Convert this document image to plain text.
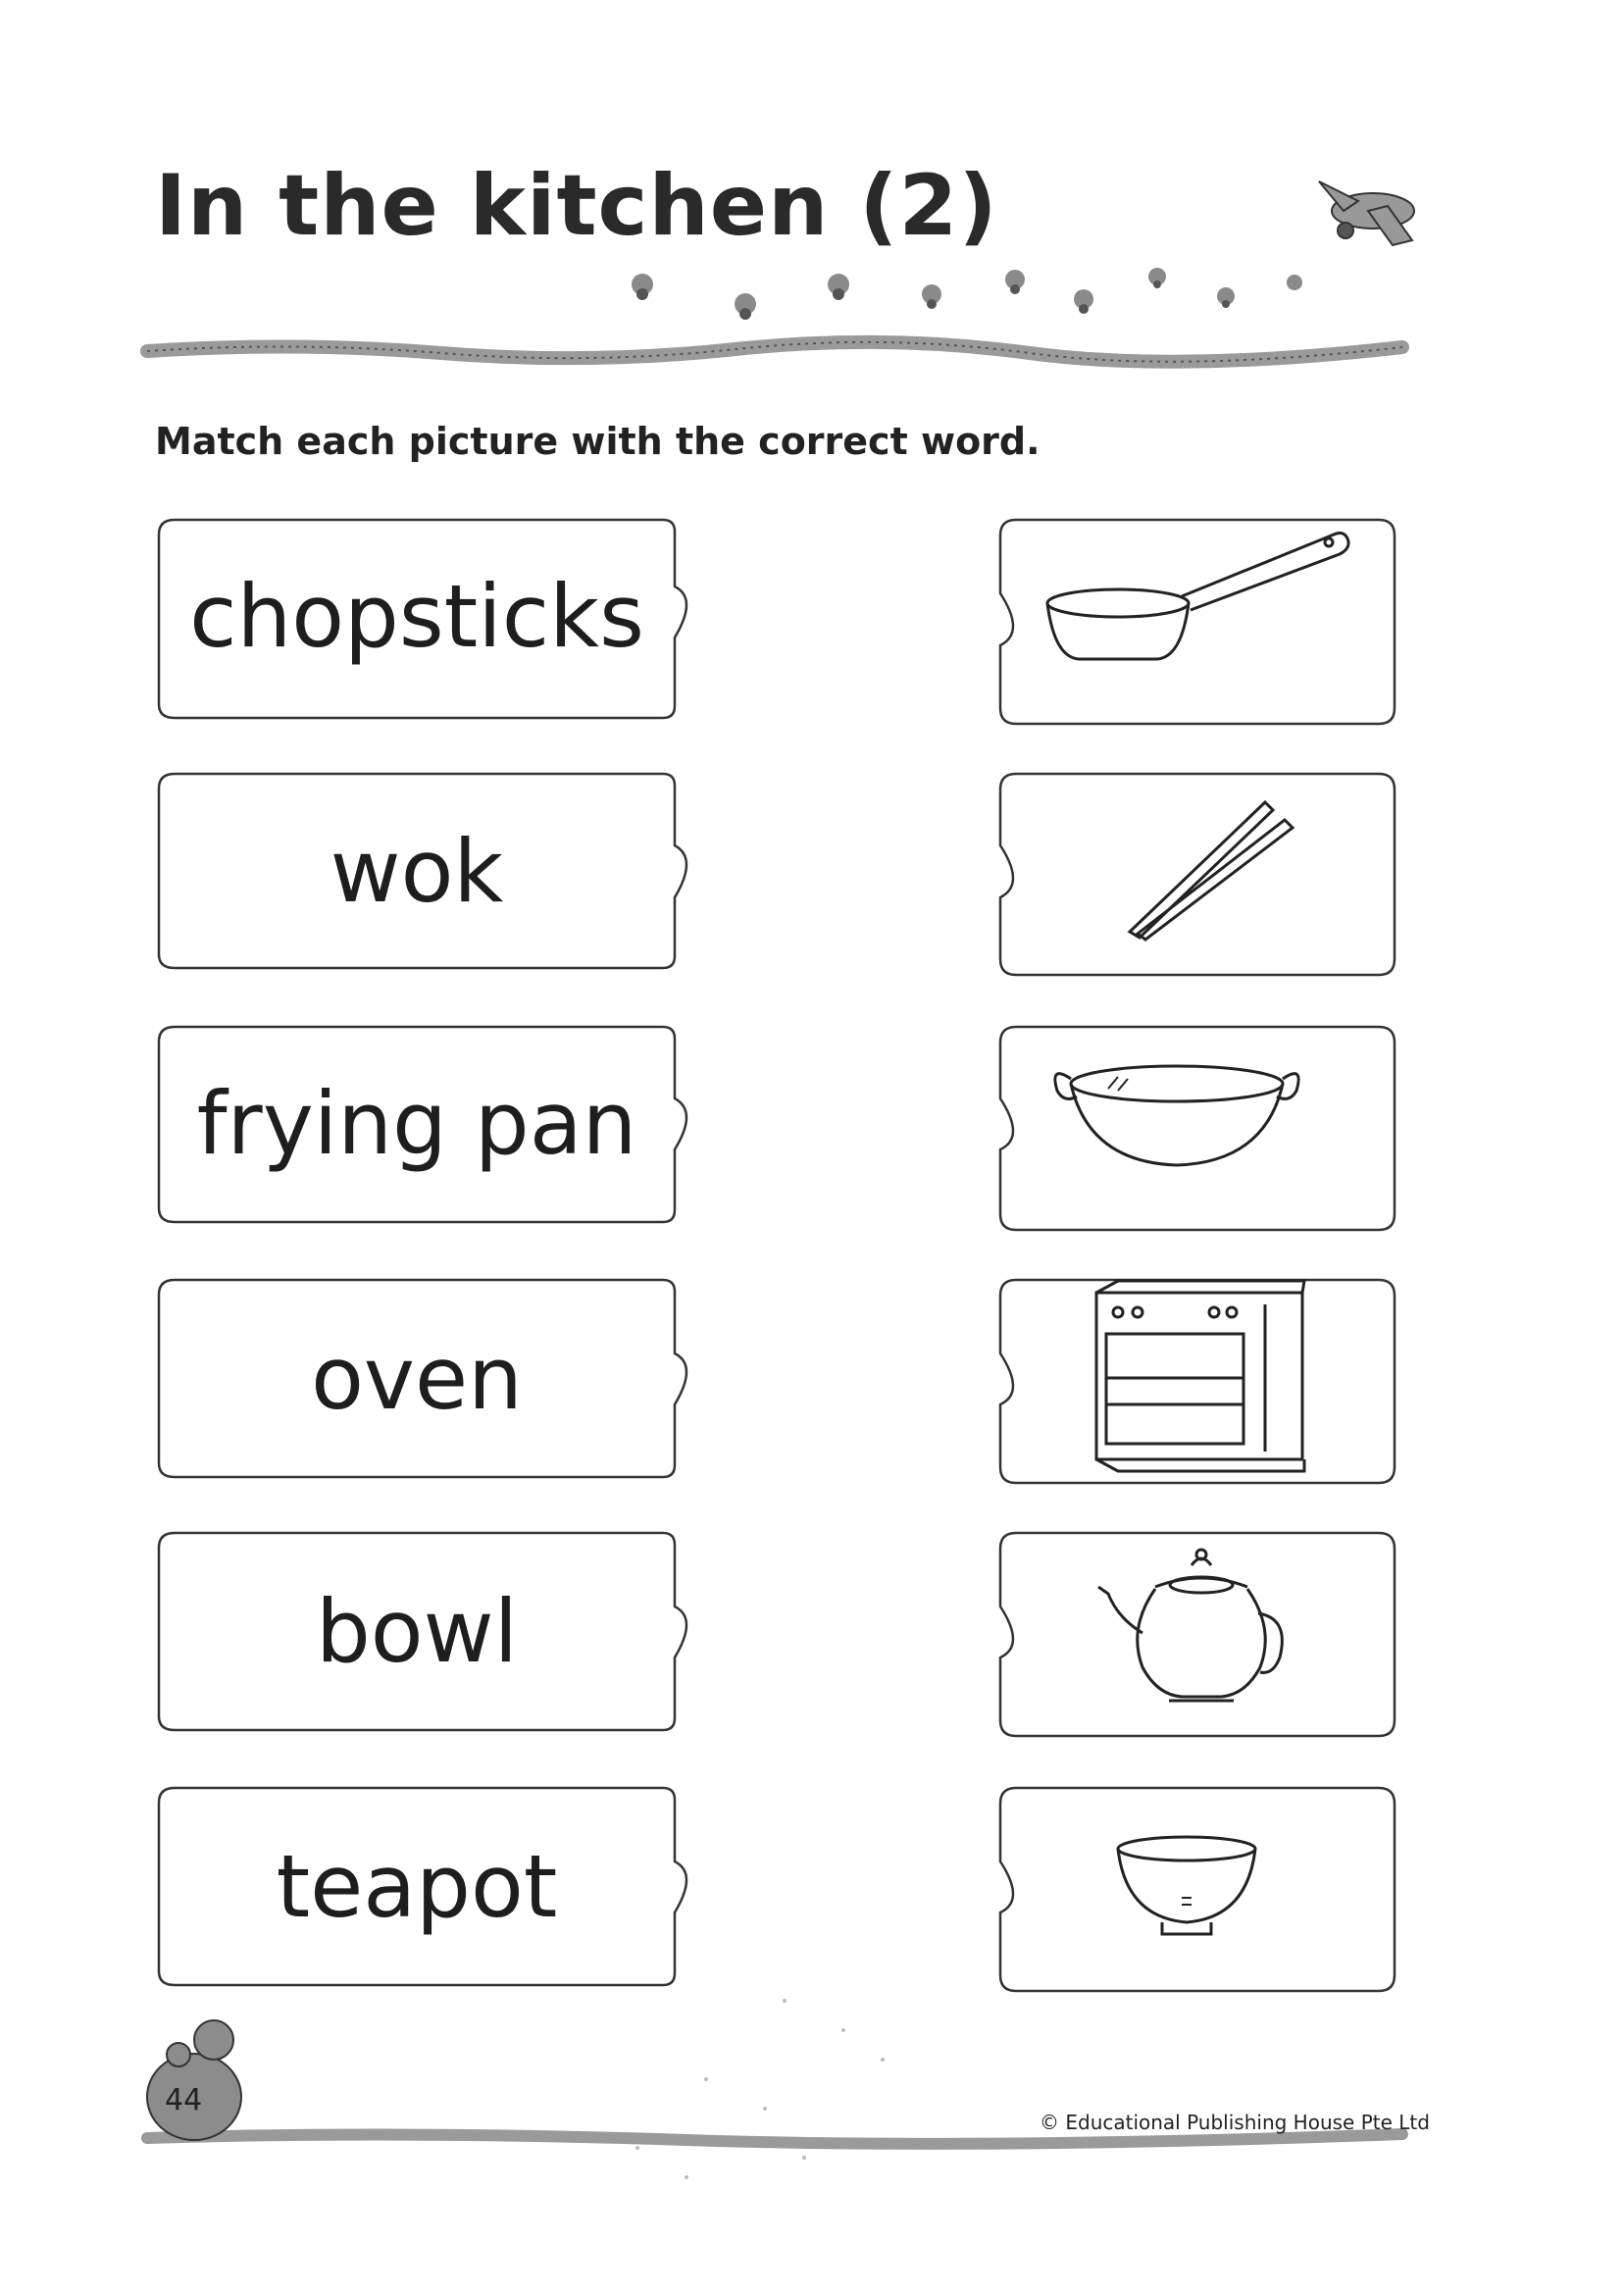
In the kitchen (2)

Match each picture with the correct word.

chopsticks
wok
frying pan
oven
bowl
teapot
44
© Educational Publishing House Pte Ltd
